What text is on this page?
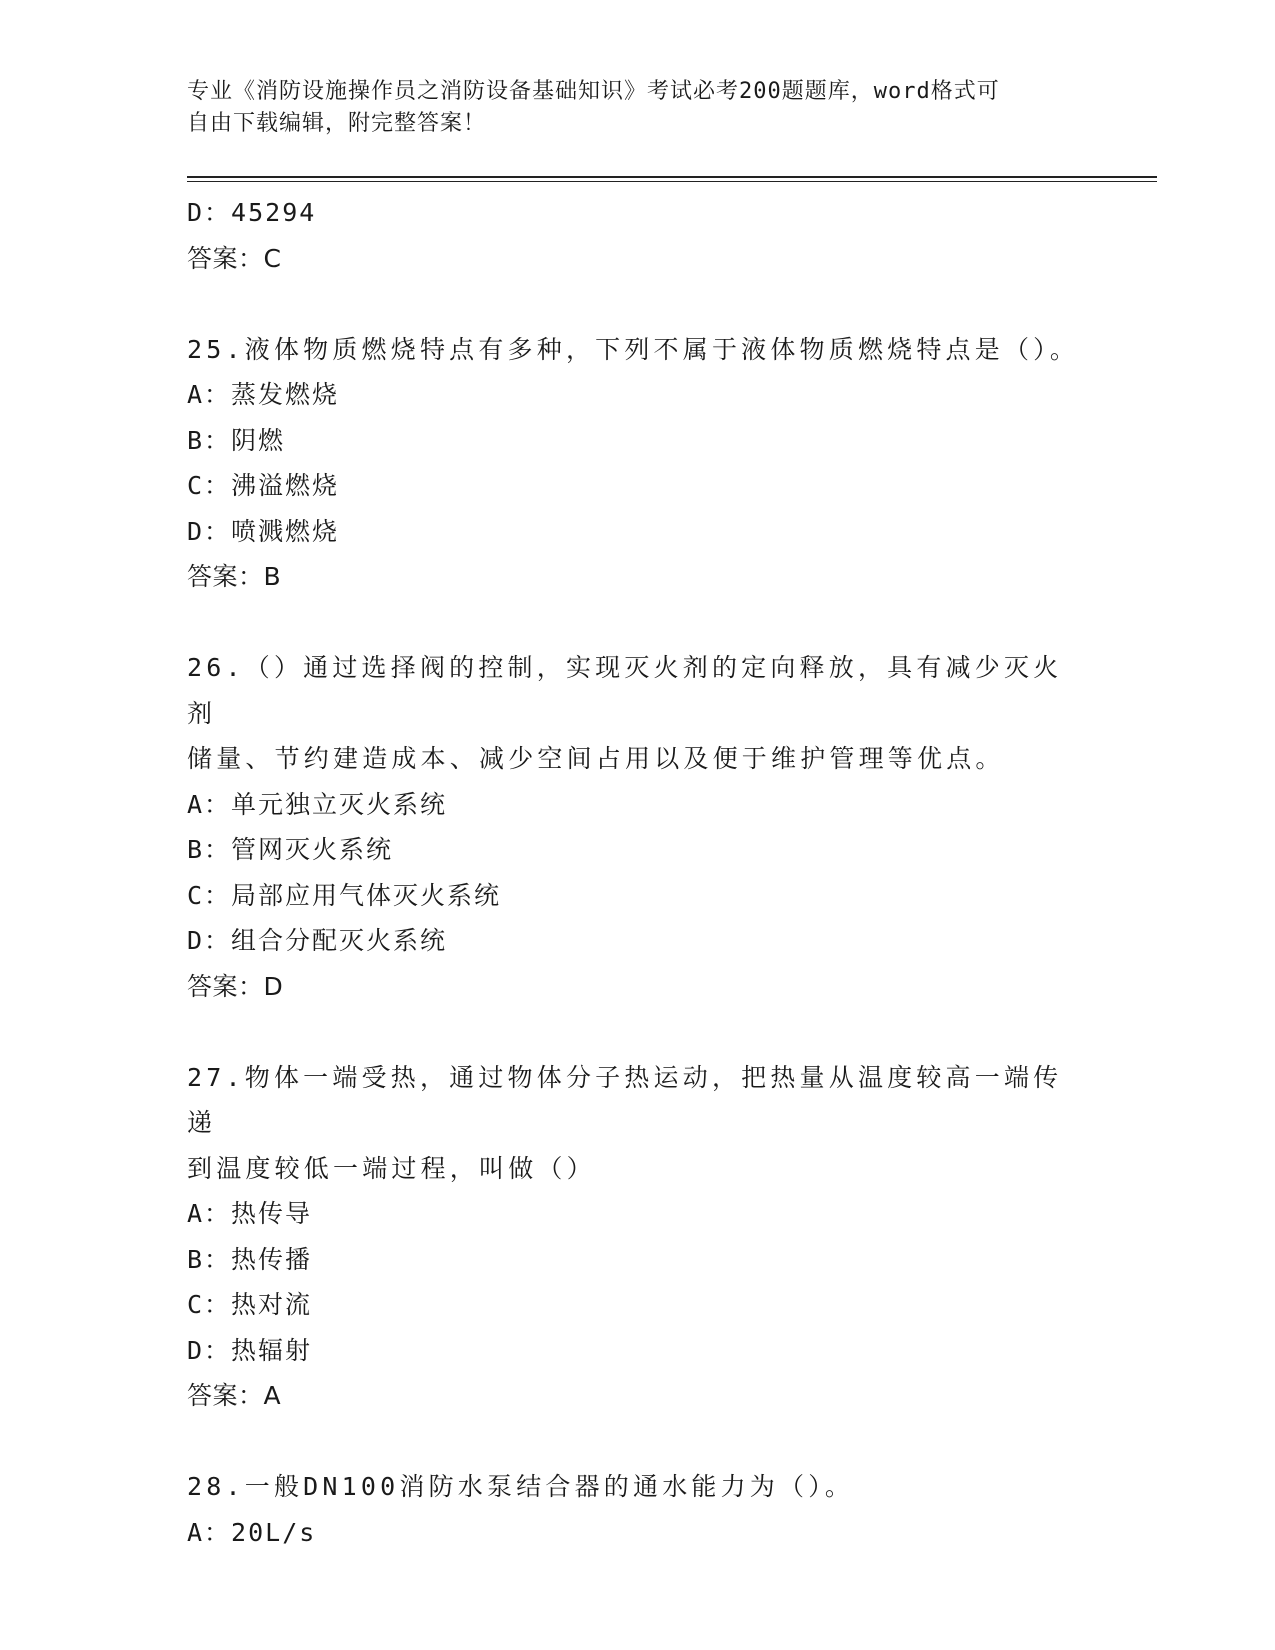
专业《消防设施操作员之消防设备基础知识》考试必考200题题库，word格式可
自由下载编辑，附完整答案！
D：45294
答案：C
25.液体物质燃烧特点有多种，下列不属于液体物质燃烧特点是（）。
A：蒸发燃烧
B：阴燃
C：沸溢燃烧
D：喷溅燃烧
答案：B
26.（）通过选择阀的控制，实现灭火剂的定向释放，具有减少灭火剂
储量、节约建造成本、减少空间占用以及便于维护管理等优点。
A：单元独立灭火系统
B：管网灭火系统
C：局部应用气体灭火系统
D：组合分配灭火系统
答案：D
27.物体一端受热，通过物体分子热运动，把热量从温度较高一端传递
到温度较低一端过程，叫做（）
A：热传导
B：热传播
C：热对流
D：热辐射
答案：A
28.一般DN100消防水泵结合器的通水能力为（）。
A：20L/s
